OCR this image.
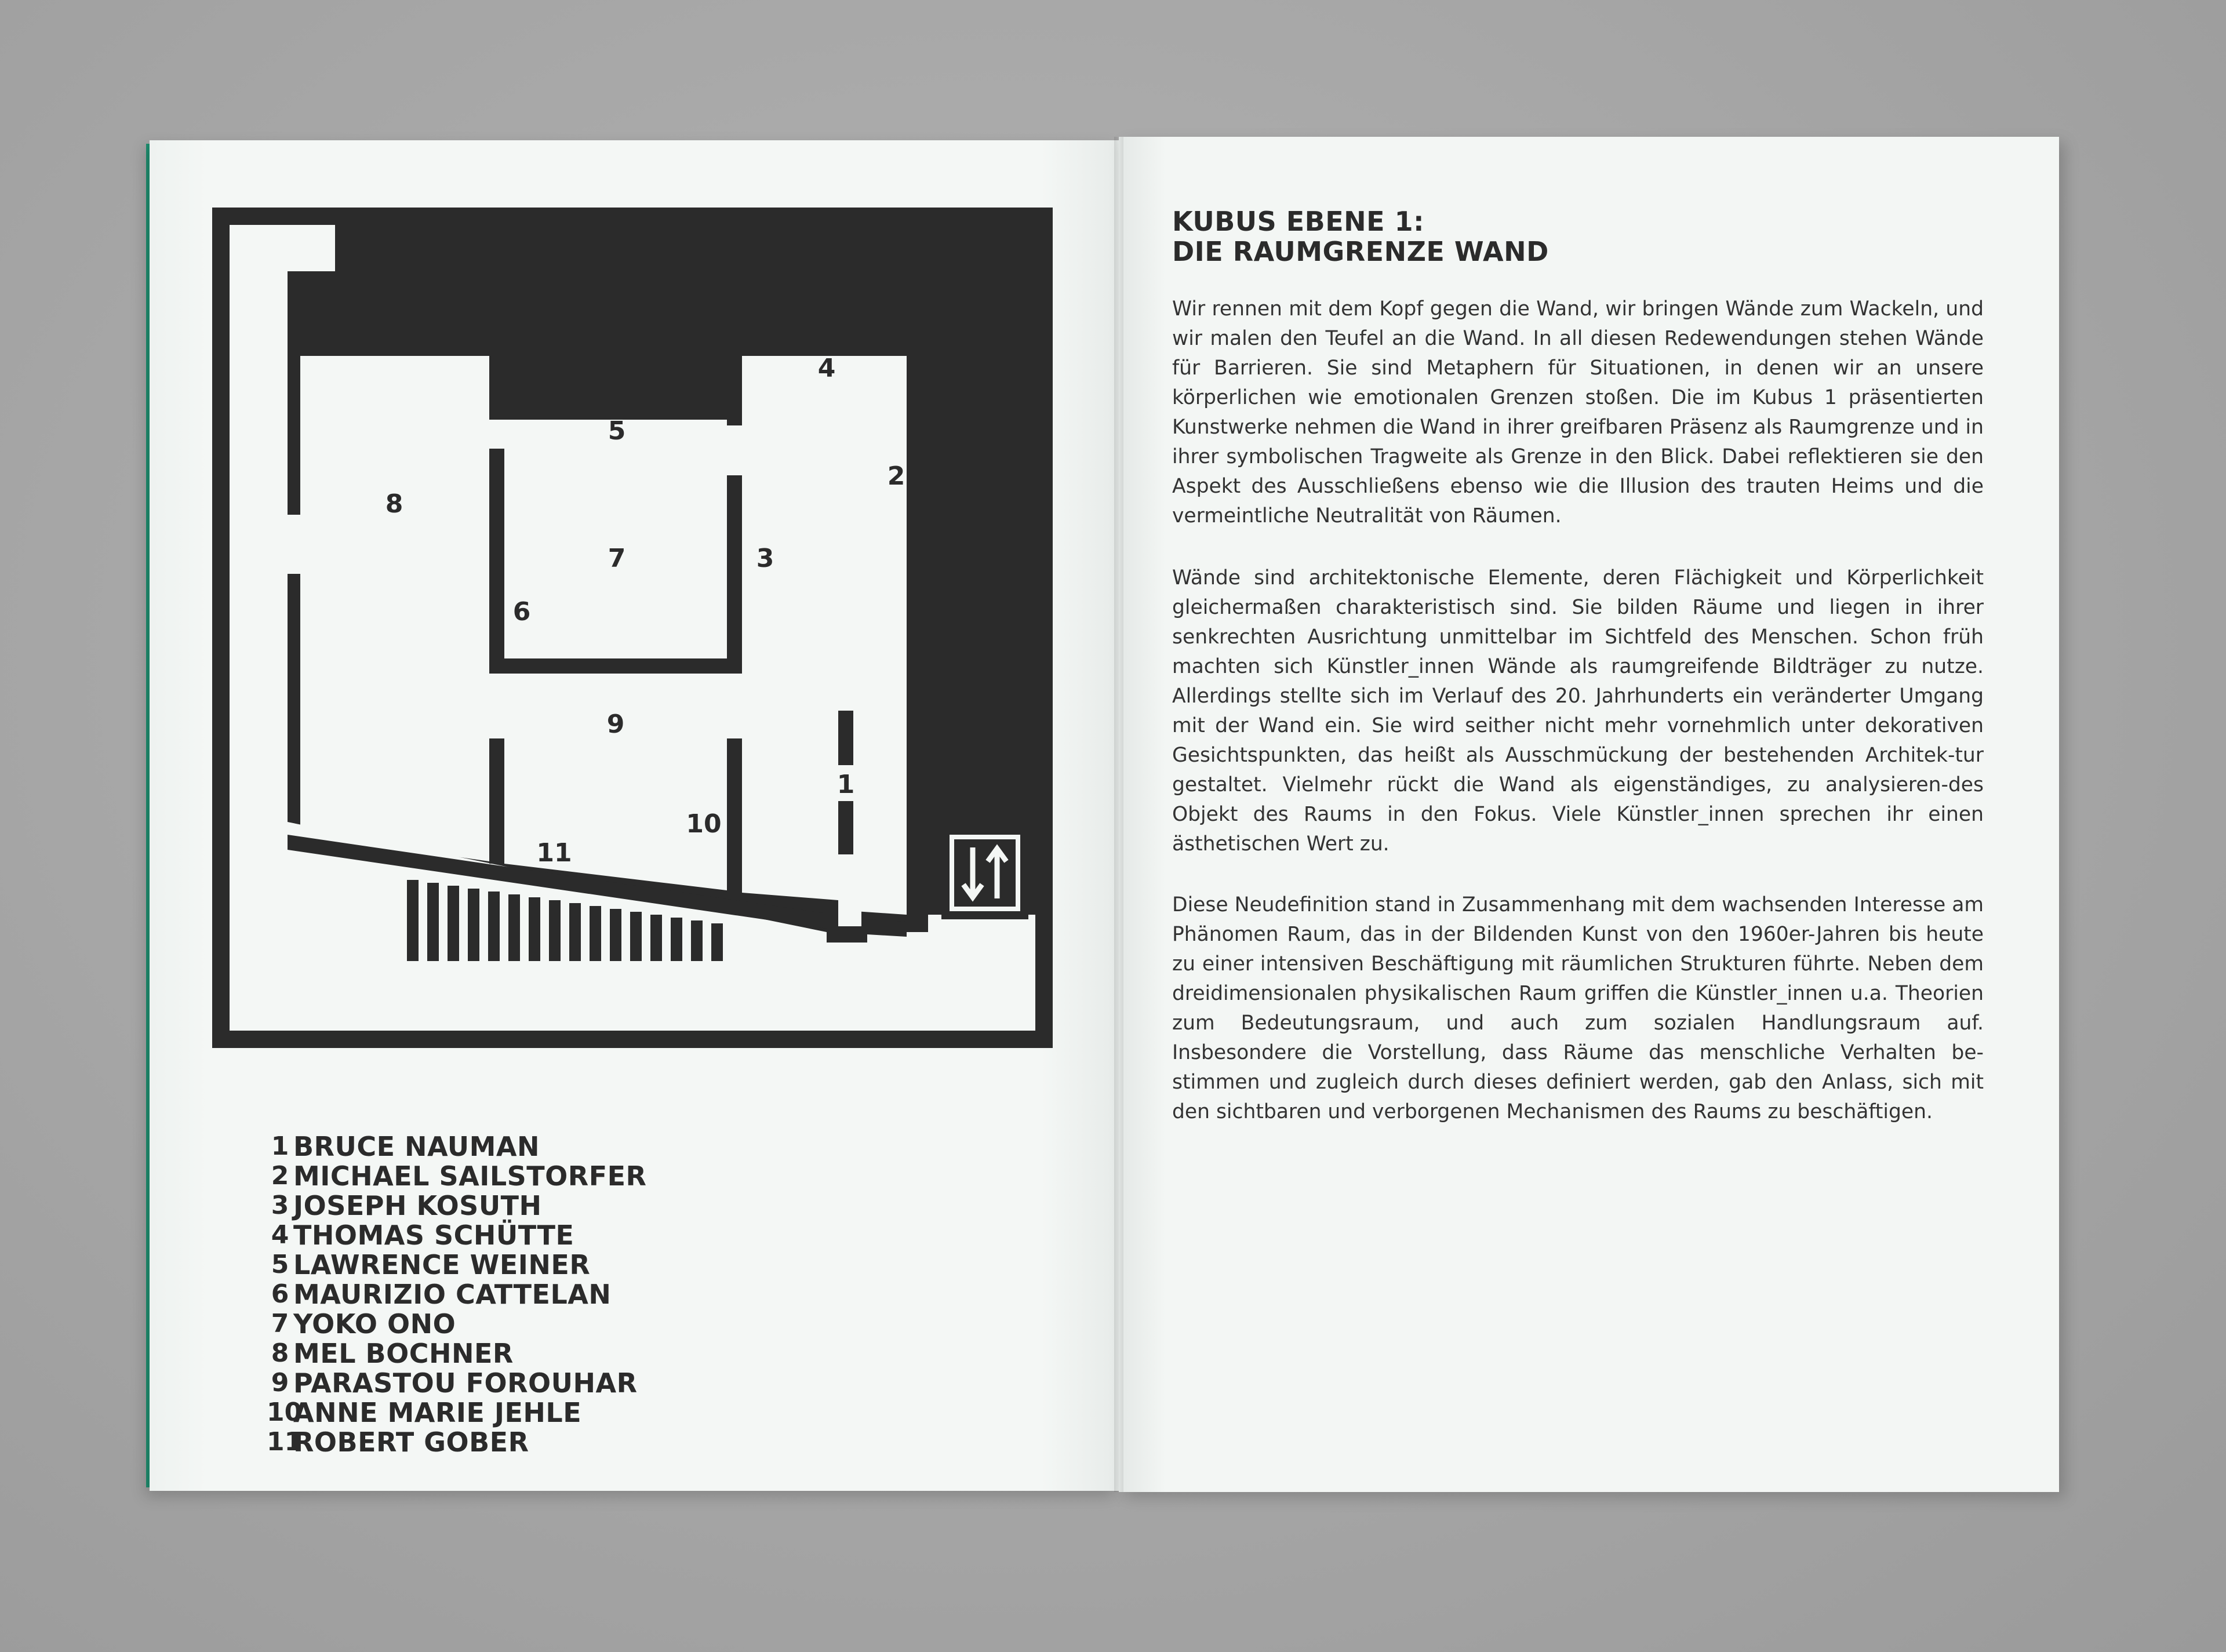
4
5
2
8
7	3
6
9
1
10
11
1 BRUCE NAUMAN
2 MICHAEL SAILSTORFER
3 JOSEPH KOSUTH
4 THOMAS SCHÜTTE
5 LAWRENCE WEINER
6 MAURIZIO CATTELAN
7 YOKO ONO
8 MEL BOCHNER
9 PARASTOU FOROUHAR
10
ANNE MARIE JEHLE
11
ROBERT GOBER
KUBUS EBENE 1:
DIE RAUMGRENZE WAND

Wir rennen mit dem Kopf gegen die Wand, wir bringen Wände zum Wackeln, und wir malen den Teufel an die Wand. In all diesen Redewendungen stehen Wände für Barrieren. Sie sind Metaphern für Situationen, in denen wir an unsere körperlichen wie emotionalen Grenzen stoßen. Die im Kubus 1 präsentierten Kunstwerke nehmen die Wand in ihrer greifbaren Präsenz als Raumgrenze und in ihrer symbolischen Tragweite als Grenze in den Blick. Dabei reflektieren sie den Aspekt des Ausschließens ebenso wie die Illusion des trauten Heims und die vermeintliche Neutralität von Räumen.

Wände sind architektonische Elemente, deren Flächigkeit und Körperlichkeit gleichermaßen charakteristisch sind. Sie bilden Räume und liegen in ihrer senkrechten Ausrichtung unmittelbar im Sichtfeld des Menschen. Schon früh machten sich Künstler_innen Wände als raumgreifende Bildträger zu nutze. Allerdings stellte sich im Verlauf des 20. Jahrhunderts ein veränderter Umgang mit der Wand ein. Sie wird seither nicht mehr vornehmlich unter dekorativen Gesichtspunkten, das heißt als Ausschmückung der bestehenden Architek-tur gestaltet. Vielmehr rückt die Wand als eigenständiges, zu analysieren-des Objekt des Raums in den Fokus. Viele Künstler_innen sprechen ihr einen ästhetischen Wert zu.

Diese Neudefinition stand in Zusammenhang mit dem wachsenden Interesse am Phänomen Raum, das in der Bildenden Kunst von den 1960er-Jahren bis heute zu einer intensiven Beschäftigung mit räumlichen Strukturen führte. Neben dem dreidimensionalen physikalischen Raum griffen die Künstler_innen u.a. Theorien zum Bedeutungsraum, und auch zum sozialen Handlungsraum auf. Insbesondere die Vorstellung, dass Räume das menschliche Verhalten be-stimmen und zugleich durch dieses definiert werden, gab den Anlass, sich mit den sichtbaren und verborgenen Mechanismen des Raums zu beschäftigen.
